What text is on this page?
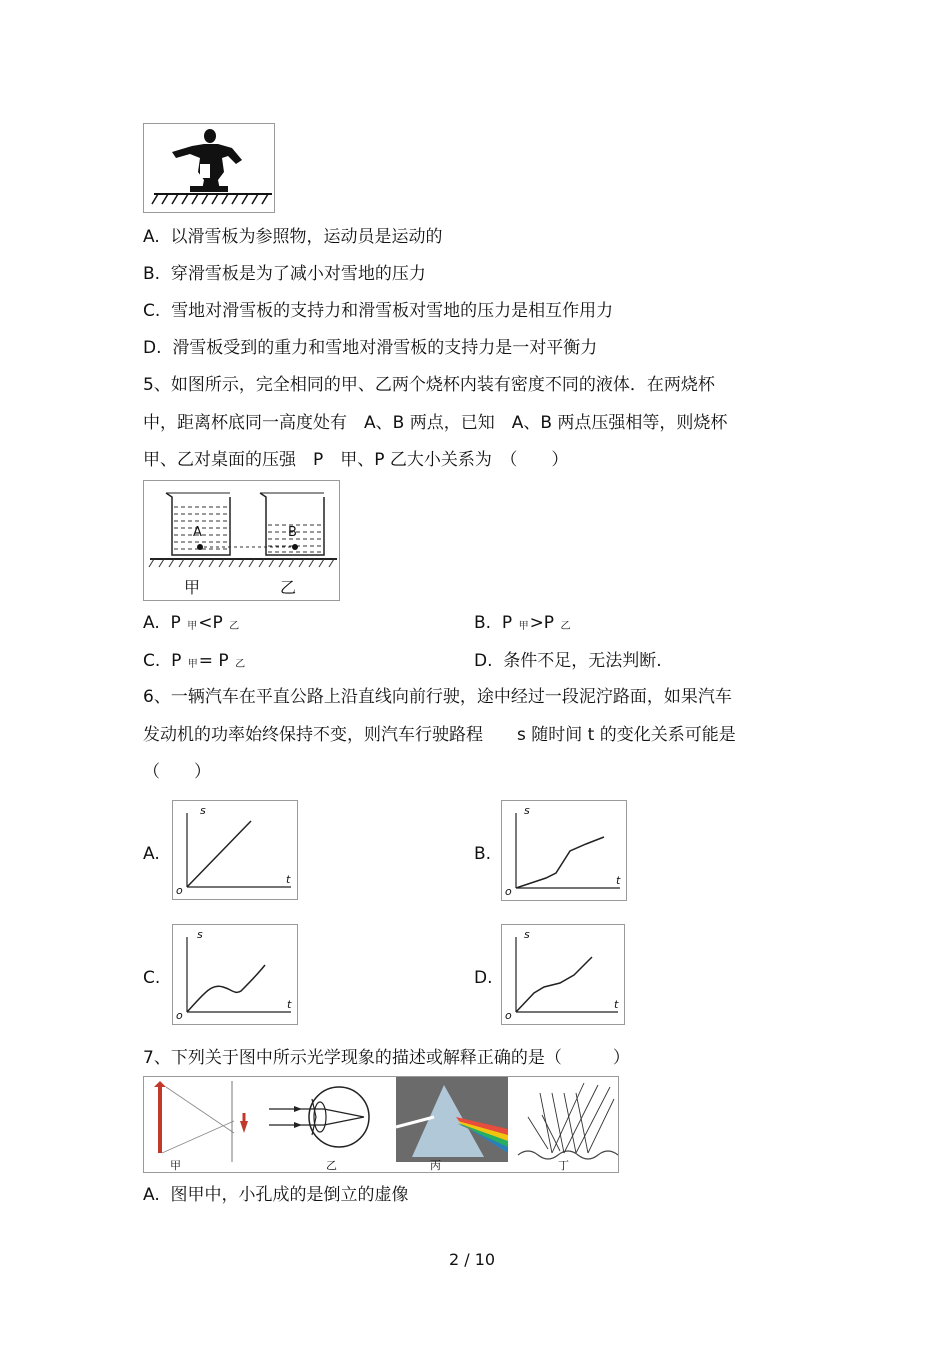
A. 以滑雪板为参照物，运动员是运动的
B. 穿滑雪板是为了减小对雪地的压力
C. 雪地对滑雪板的支持力和滑雪板对雪地的压力是相互作用力
D. 滑雪板受到的重力和雪地对滑雪板的支持力是一对平衡力
5、如图所示，完全相同的甲、乙两个烧杯内装有密度不同的液体．在两烧杯
中，距离杯底同一高度处有　A、B 两点，已知　A、B 两点压强相等，则烧杯
甲、乙对桌面的压强　P　甲、P 乙大小关系为　（　　）
A	B
甲	乙
A. P 甲<P 乙	B. P 甲>P 乙
C. P 甲= P 乙	D. 条件不足，无法判断.
6、一辆汽车在平直公路上沿直线向前行驶，途中经过一段泥泞路面，如果汽车
发动机的功率始终保持不变，则汽车行驶路程　　s 随时间 t 的变化关系可能是
（　　）
A.
s
t
o
B.
s
t
o
C.
s
t
o
D.
s
t
o
7、下列关于图中所示光学现象的描述或解释正确的是（　　　）
甲	乙	丙	丁
A. 图甲中，小孔成的是倒立的虚像
2 / 10
